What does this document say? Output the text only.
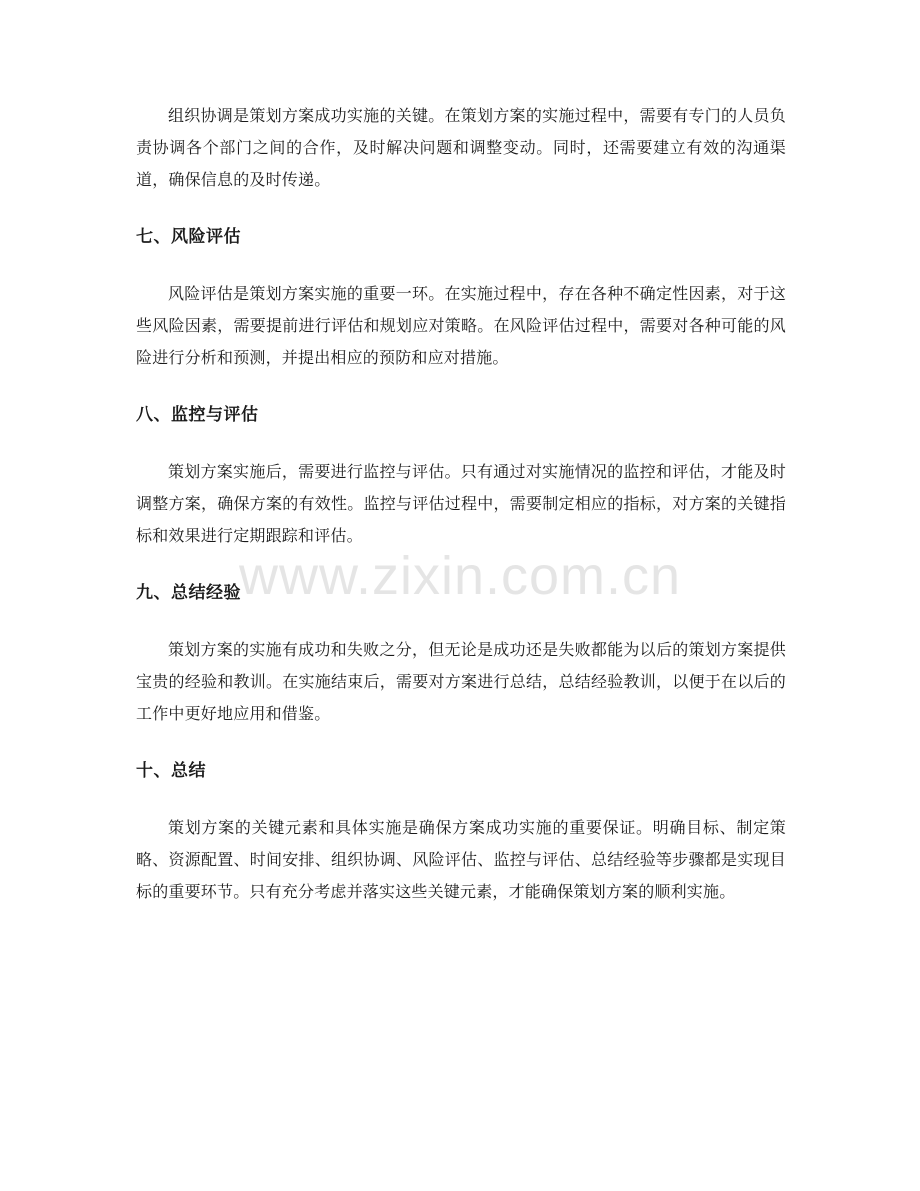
组织协调是策划方案成功实施的关键。在策划方案的实施过程中，需要有专门的人员负责协调各个部门之间的合作，及时解决问题和调整变动。同时，还需要建立有效的沟通渠道，确保信息的及时传递。

七、风险评估

风险评估是策划方案实施的重要一环。在实施过程中，存在各种不确定性因素，对于这些风险因素，需要提前进行评估和规划应对策略。在风险评估过程中，需要对各种可能的风险进行分析和预测，并提出相应的预防和应对措施。

八、监控与评估

策划方案实施后，需要进行监控与评估。只有通过对实施情况的监控和评估，才能及时调整方案，确保方案的有效性。监控与评估过程中，需要制定相应的指标，对方案的关键指标和效果进行定期跟踪和评估。

九、总结经验

策划方案的实施有成功和失败之分，但无论是成功还是失败都能为以后的策划方案提供宝贵的经验和教训。在实施结束后，需要对方案进行总结，总结经验教训，以便于在以后的工作中更好地应用和借鉴。

十、总结

策划方案的关键元素和具体实施是确保方案成功实施的重要保证。明确目标、制定策略、资源配置、时间安排、组织协调、风险评估、监控与评估、总结经验等步骤都是实现目标的重要环节。只有充分考虑并落实这些关键元素，才能确保策划方案的顺利实施。

www.zixin.com.cn
